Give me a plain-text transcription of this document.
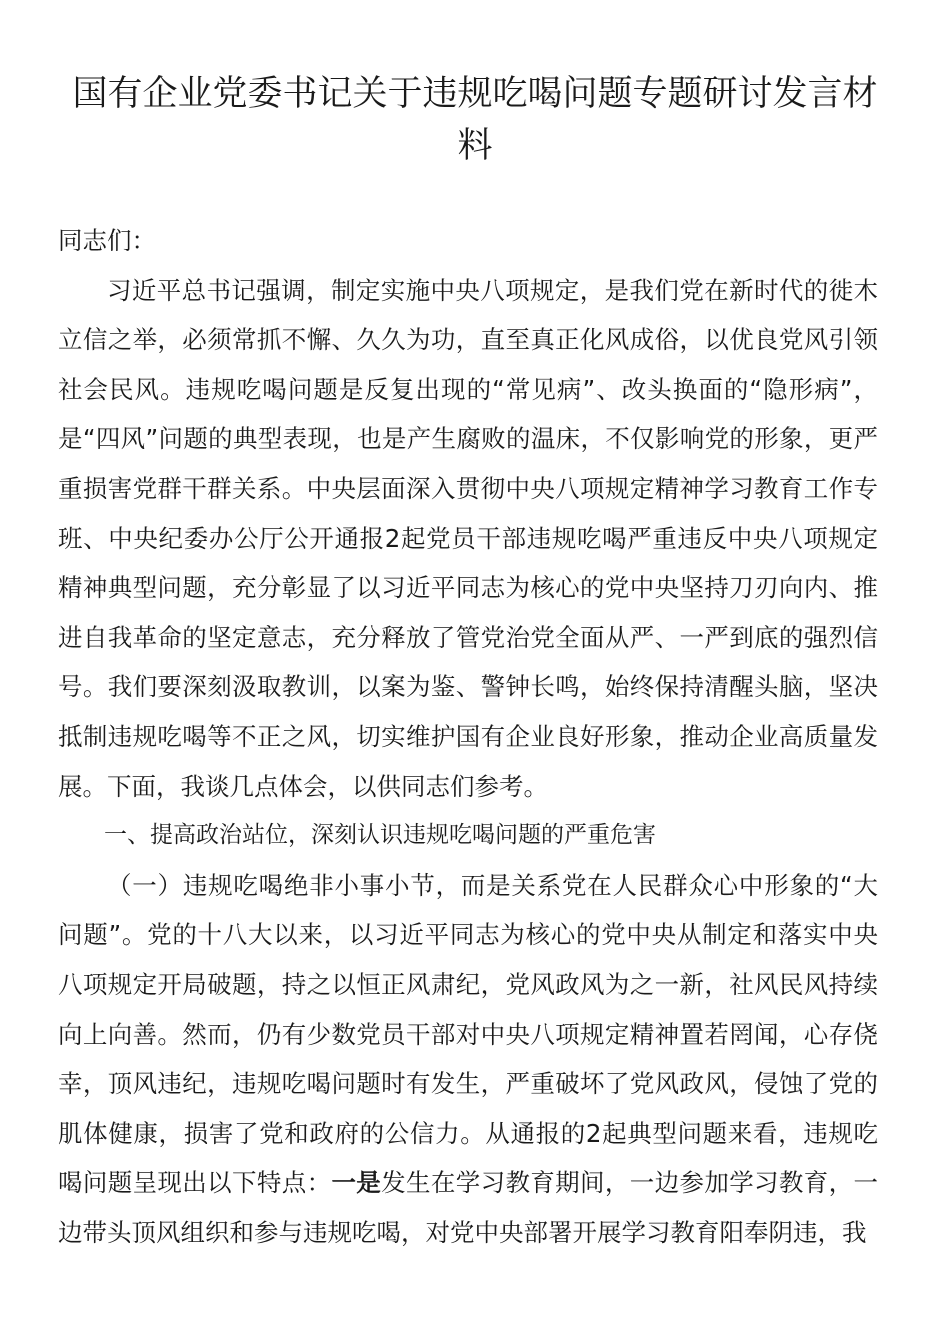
国有企业党委书记关于违规吃喝问题专题研讨发言材料

同志们：

习近平总书记强调，制定实施中央八项规定，是我们党在新时代的徙木立信之举，必须常抓不懈、久久为功，直至真正化风成俗，以优良党风引领社会民风。违规吃喝问题是反复出现的“常见病”、改头换面的“隐形病”，是“四风”问题的典型表现，也是产生腐败的温床，不仅影响党的形象，更严重损害党群干群关系。中央层面深入贯彻中央八项规定精神学习教育工作专班、中央纪委办公厅公开通报2起党员干部违规吃喝严重违反中央八项规定精神典型问题，充分彰显了以习近平同志为核心的党中央坚持刀刃向内、推进自我革命的坚定意志，充分释放了管党治党全面从严、一严到底的强烈信号。我们要深刻汲取教训，以案为鉴、警钟长鸣，始终保持清醒头脑，坚决抵制违规吃喝等不正之风，切实维护国有企业良好形象，推动企业高质量发展。下面，我谈几点体会，以供同志们参考。

一、提高政治站位，深刻认识违规吃喝问题的严重危害

（一）违规吃喝绝非小事小节，而是关系党在人民群众心中形象的“大问题”。党的十八大以来，以习近平同志为核心的党中央从制定和落实中央八项规定开局破题，持之以恒正风肃纪，党风政风为之一新，社风民风持续向上向善。然而，仍有少数党员干部对中央八项规定精神置若罔闻，心存侥幸，顶风违纪，违规吃喝问题时有发生，严重破坏了党风政风，侵蚀了党的肌体健康，损害了党和政府的公信力。从通报的2起典型问题来看，违规吃喝问题呈现出以下特点：一是发生在学习教育期间，一边参加学习教育，一边带头顶风组织和参与违规吃喝，对党中央部署开展学习教育阳奉阴违，我
